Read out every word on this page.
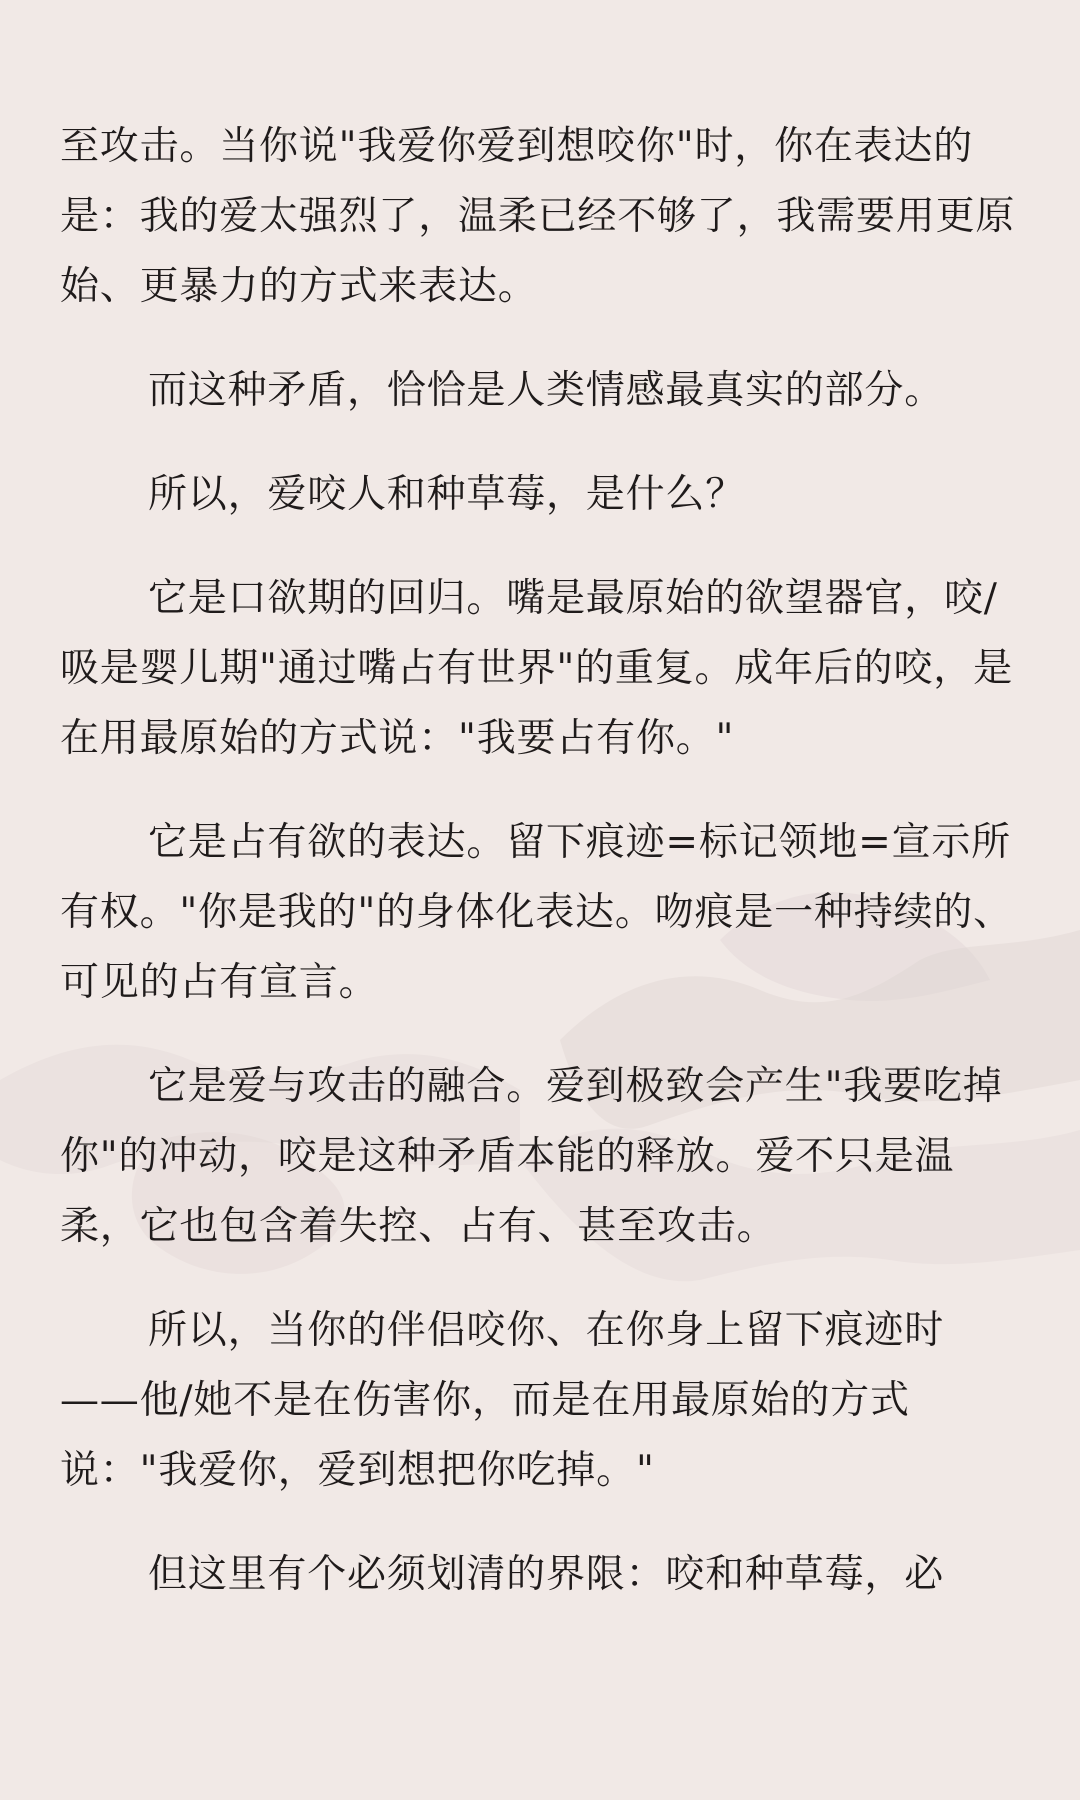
至攻击。当你说"我爱你爱到想咬你"时，你在表达的是：我的爱太强烈了，温柔已经不够了，我需要用更原始、更暴力的方式来表达。

而这种矛盾，恰恰是人类情感最真实的部分。

所以，爱咬人和种草莓，是什么？

它是口欲期的回归。嘴是最原始的欲望器官，咬/吸是婴儿期"通过嘴占有世界"的重复。成年后的咬，是在用最原始的方式说："我要占有你。"

它是占有欲的表达。留下痕迹=标记领地=宣示所有权。"你是我的"的身体化表达。吻痕是一种持续的、可见的占有宣言。

它是爱与攻击的融合。爱到极致会产生"我要吃掉你"的冲动，咬是这种矛盾本能的释放。爱不只是温柔，它也包含着失控、占有、甚至攻击。

所以，当你的伴侣咬你、在你身上留下痕迹时——他/她不是在伤害你，而是在用最原始的方式说："我爱你，爱到想把你吃掉。"

但这里有个必须划清的界限：咬和种草莓，必
